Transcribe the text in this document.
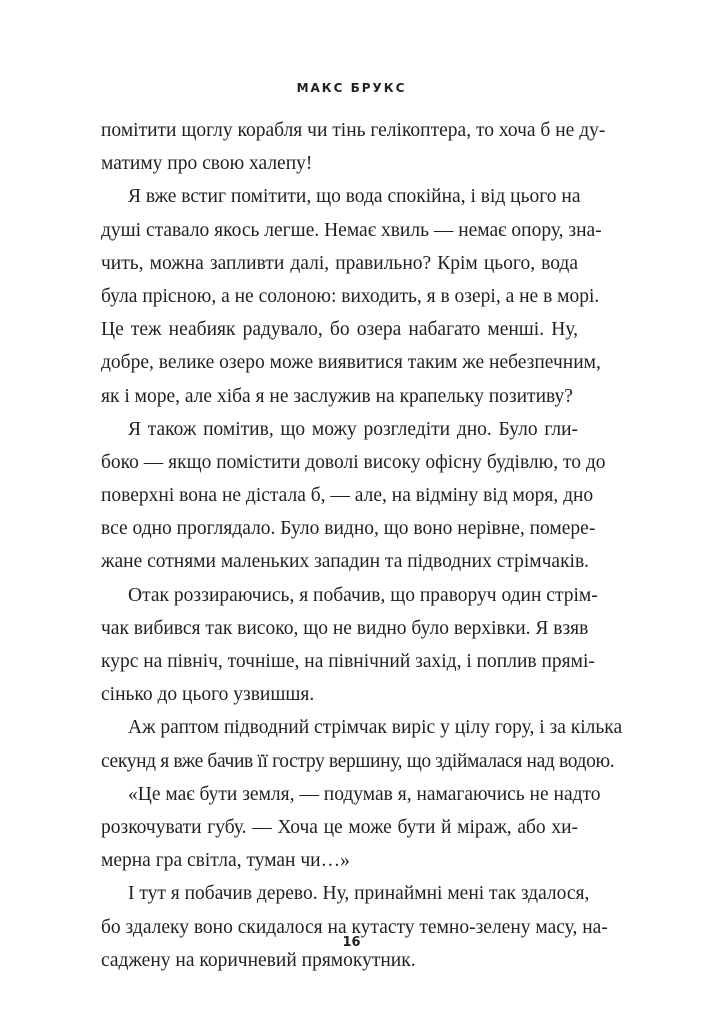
МАКС БРУКС
помітити щоглу корабля чи тінь гелікоптера, то хоча б не ду-
матиму про свою халепу!
Я вже встиг помітити, що вода спокійна, і від цього на
душі ставало якось легше. Немає хвиль — немає опору, зна-
чить, можна запливти далі, правильно? Крім цього, вода
була прісною, а не солоною: виходить, я в озері, а не в морі.
Це теж неабияк радувало, бо озера набагато менші. Ну,
добре, велике озеро може виявитися таким же небезпечним,
як і море, але хіба я не заслужив на крапельку позитиву?
Я також помітив, що можу розгледіти дно. Було гли-
боко — якщо помістити доволі високу офісну будівлю, то до
поверхні вона не дістала б, — але, на відміну від моря, дно
все одно проглядало. Було видно, що воно нерівне, помере-
жане сотнями маленьких западин та підводних стрімчаків.
Отак роззираючись, я побачив, що праворуч один стрім-
чак вибився так високо, що не видно було верхівки. Я взяв
курс на північ, точніше, на північний захід, і поплив прямі-
сінько до цього узвишшя.
Аж раптом підводний стрімчак виріс у цілу гору, і за кілька
секунд я вже бачив її гостру вершину, що здіймалася над водою.
«Це має бути земля, — подумав я, намагаючись не надто
розкочувати губу. — Хоча це може бути й міраж, або хи-
мерна гра світла, туман чи…»
І тут я побачив дерево. Ну, принаймні мені так здалося,
бо здалеку воно скидалося на кутасту темно-зелену масу, на-
саджену на коричневий прямокутник.
16
